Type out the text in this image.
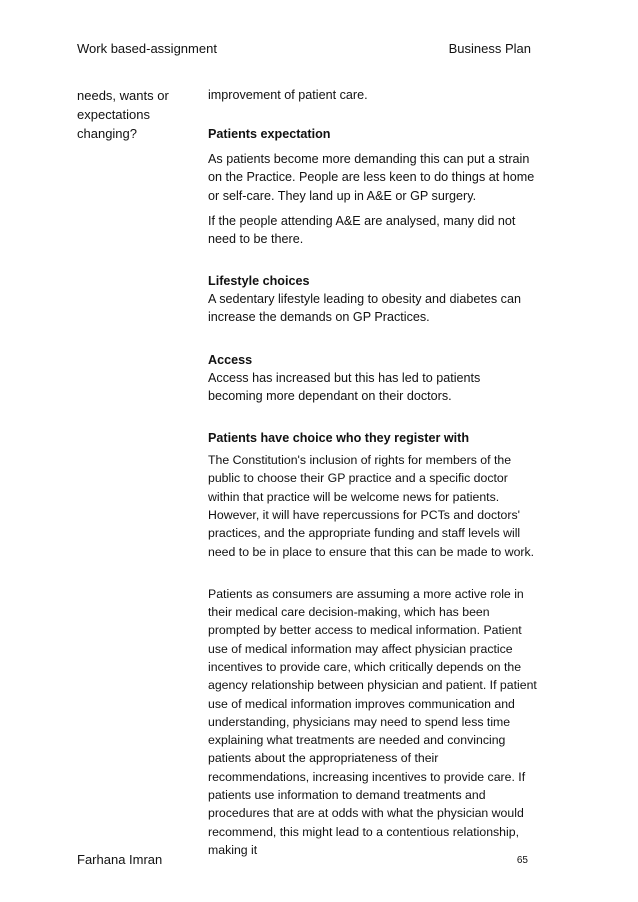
Work based-assignment	Business Plan
needs, wants or
expectations
changing?

improvement of patient care.

Patients expectation

As patients become more demanding this can put a strain on the Practice. People are less keen to do things at home or self-care. They land up in A&E or GP surgery.

If the people attending A&E are analysed, many did not need to be there.

Lifestyle choices

A sedentary lifestyle leading to obesity and diabetes can increase the demands on GP Practices.

Access

Access has increased but this has led to patients becoming more dependant on their doctors.

Patients have choice who they register with

The Constitution's inclusion of rights for members of the public to choose their GP practice and a specific doctor within that practice will be welcome news for patients. However, it will have repercussions for PCTs and doctors' practices, and the appropriate funding and staff levels will need to be in place to ensure that this can be made to work.

Patients as consumers are assuming a more active role in their medical care decision-making, which has been prompted by better access to medical information. Patient use of medical information may affect physician practice incentives to provide care, which critically depends on the agency relationship between physician and patient. If patient use of medical information improves communication and understanding, physicians may need to spend less time explaining what treatments are needed and convincing patients about the appropriateness of their recommendations, increasing incentives to provide care. If patients use information to demand treatments and procedures that are at odds with what the physician would recommend, this might lead to a contentious relationship, making it

Farhana Imran	65
